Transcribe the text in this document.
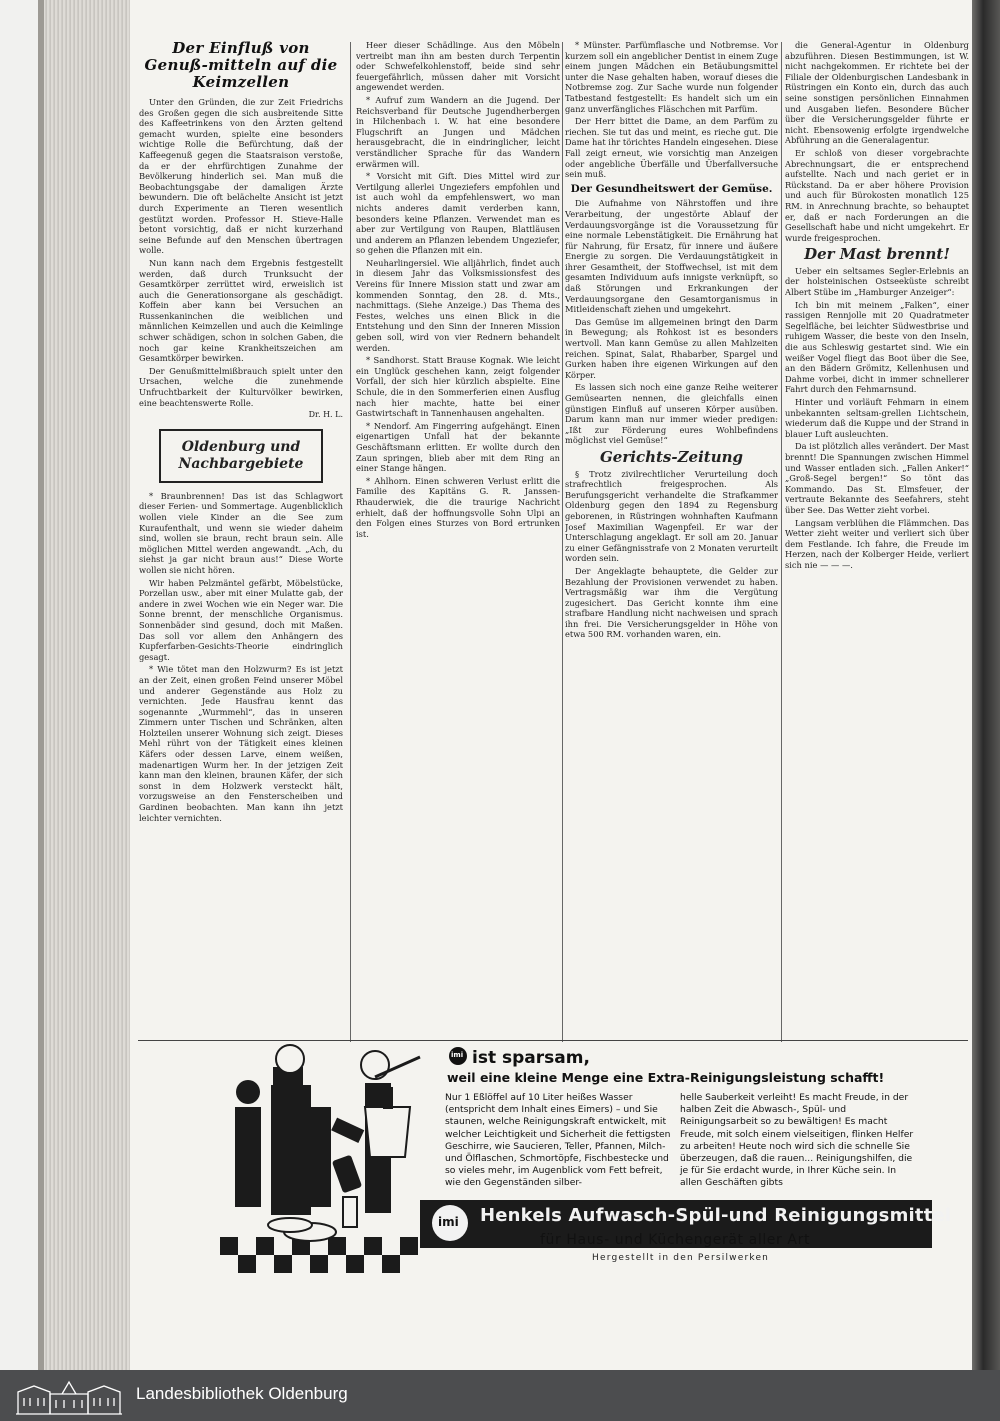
Der Einfluß von Genuß-mitteln auf die Keimzellen

Unter den Gründen, die zur Zeit Friedrichs des Großen gegen die sich ausbreitende Sitte des Kaffeetrinkens von den Ärzten geltend gemacht wurden, spielte eine besonders wichtige Rolle die Befürchtung, daß der Kaffeegenuß gegen die Staatsraison verstoße, da er der ehrfürchtigen Zunahme der Bevölkerung hinderlich sei. Man muß die Beobachtungsgabe der damaligen Ärzte bewundern. Die oft belächelte Ansicht ist jetzt durch Experimente an Tieren wesentlich gestützt worden. Professor H. Stieve-Halle betont vorsichtig, daß er nicht kurzerhand seine Befunde auf den Menschen übertragen wolle.

Nun kann nach dem Ergebnis festgestellt werden, daß durch Trunksucht der Gesamtkörper zerrüttet wird, erweislich ist auch die Generationsorgane als geschädigt. Koffein aber kann bei Versuchen an Russenkaninchen die weiblichen und männlichen Keimzellen und auch die Keimlinge schwer schädigen, schon in solchen Gaben, die noch gar keine Krankheitszeichen am Gesamtkörper bewirken.

Der Genußmittelmißbrauch spielt unter den Ursachen, welche die zunehmende Unfruchtbarkeit der Kulturvölker bewirken, eine beachtenswerte Rolle.

Dr. H. L.
Oldenburg und Nachbargebiete

* Braunbrennen! Das ist das Schlagwort dieser Ferien- und Sommertage. Augenblicklich wollen viele Kinder an die See zum Kuraufenthalt, und wenn sie wieder daheim sind, wollen sie braun, recht braun sein. Alle möglichen Mittel werden angewandt. „Ach, du siehst ja gar nicht braun aus!“ Diese Worte wollen sie nicht hören.

Wir haben Pelzmäntel gefärbt, Möbelstücke, Porzellan usw., aber mit einer Mulatte gab, der andere in zwei Wochen wie ein Neger war. Die Sonne brennt, der menschliche Organismus. Sonnenbäder sind gesund, doch mit Maßen. Das soll vor allem den Anhängern des Kupferfarben-Gesichts-Theorie eindringlich gesagt.

* Wie tötet man den Holzwurm? Es ist jetzt an der Zeit, einen großen Feind unserer Möbel und anderer Gegenstände aus Holz zu vernichten. Jede Hausfrau kennt das sogenannte „Wurmmehl“, das in unseren Zimmern unter Tischen und Schränken, alten Holzteilen unserer Wohnung sich zeigt. Dieses Mehl rührt von der Tätigkeit eines kleinen Käfers oder dessen Larve, einem weißen, madenartigen Wurm her. In der jetzigen Zeit kann man den kleinen, braunen Käfer, der sich sonst in dem Holzwerk versteckt hält, vorzugsweise an den Fensterscheiben und Gardinen beobachten. Man kann ihn jetzt leichter vernichten.

Heer dieser Schädlinge. Aus den Möbeln vertreibt man ihn am besten durch Terpentin oder Schwefelkohlenstoff, beide sind sehr feuergefährlich, müssen daher mit Vorsicht angewendet werden.

* Aufruf zum Wandern an die Jugend. Der Reichsverband für Deutsche Jugendherbergen in Hilchenbach i. W. hat eine besondere Flugschrift an Jungen und Mädchen herausgebracht, die in eindringlicher, leicht verständlicher Sprache für das Wandern erwärmen will.

* Vorsicht mit Gift. Dies Mittel wird zur Vertilgung allerlei Ungeziefers empfohlen und ist auch wohl da empfehlenswert, wo man nichts anderes damit verderben kann, besonders keine Pflanzen. Verwendet man es aber zur Vertilgung von Raupen, Blattläusen und anderem an Pflanzen lebendem Ungeziefer, so gehen die Pflanzen mit ein.

Neuharlingersiel. Wie alljährlich, findet auch in diesem Jahr das Volksmissionsfest des Vereins für Innere Mission statt und zwar am kommenden Sonntag, den 28. d. Mts., nachmittags. (Siehe Anzeige.) Das Thema des Festes, welches uns einen Blick in die Entstehung und den Sinn der Inneren Mission geben soll, wird von vier Rednern behandelt werden.

* Sandhorst. Statt Brause Kognak. Wie leicht ein Unglück geschehen kann, zeigt folgender Vorfall, der sich hier kürzlich abspielte. Eine Schule, die in den Sommerferien einen Ausflug nach hier machte, hatte bei einer Gastwirtschaft in Tannenhausen angehalten.

* Nendorf. Am Fingerring aufgehängt. Einen eigenartigen Unfall hat der bekannte Geschäftsmann erlitten. Er wollte durch den Zaun springen, blieb aber mit dem Ring an einer Stange hängen.

* Ahlhorn. Einen schweren Verlust erlitt die Familie des Kapitäns G. R. Janssen-Rhauderwiek, die die traurige Nachricht erhielt, daß der hoffnungsvolle Sohn Ulpi an den Folgen eines Sturzes von Bord ertrunken ist.

* Münster. Parfümflasche und Notbremse. Vor kurzem soll ein angeblicher Dentist in einem Zuge einem jungen Mädchen ein Betäubungsmittel unter die Nase gehalten haben, worauf dieses die Notbremse zog. Zur Sache wurde nun folgender Tatbestand festgestellt: Es handelt sich um ein ganz unverfängliches Fläschchen mit Parfüm.

Der Herr bittet die Dame, an dem Parfüm zu riechen. Sie tut das und meint, es rieche gut. Die Dame hat ihr törichtes Handeln eingesehen. Diese Fall zeigt erneut, wie vorsichtig man Anzeigen oder angebliche Überfälle und Überfallversuche sein muß.

Der Gesundheitswert der Gemüse.

Die Aufnahme von Nährstoffen und ihre Verarbeitung, der ungestörte Ablauf der Verdauungsvorgänge ist die Voraussetzung für eine normale Lebenstätigkeit. Die Ernährung hat für Nahrung, für Ersatz, für innere und äußere Energie zu sorgen. Die Verdauungstätigkeit in ihrer Gesamtheit, der Stoffwechsel, ist mit dem gesamten Individuum aufs innigste verknüpft, so daß Störungen und Erkrankungen der Verdauungsorgane den Gesamtorganismus in Mitleidenschaft ziehen und umgekehrt.

Das Gemüse im allgemeinen bringt den Darm in Bewegung; als Rohkost ist es besonders wertvoll. Man kann Gemüse zu allen Mahlzeiten reichen. Spinat, Salat, Rhabarber, Spargel und Gurken haben ihre eigenen Wirkungen auf den Körper.

Es lassen sich noch eine ganze Reihe weiterer Gemüsearten nennen, die gleichfalls einen günstigen Einfluß auf unseren Körper ausüben. Darum kann man nur immer wieder predigen: „Ißt zur Förderung eures Wohlbefindens möglichst viel Gemüse!“

Gerichts-Zeitung

§ Trotz zivilrechtlicher Verurteilung doch strafrechtlich freigesprochen. Als Berufungsgericht verhandelte die Strafkammer Oldenburg gegen den 1894 zu Regensburg geborenen, in Rüstringen wohnhaften Kaufmann Josef Maximilian Wagenpfeil. Er war der Unterschlagung angeklagt. Er soll am 20. Januar zu einer Gefängnisstrafe von 2 Monaten verurteilt worden sein.

Der Angeklagte behauptete, die Gelder zur Bezahlung der Provisionen verwendet zu haben. Vertragsmäßig war ihm die Vergütung zugesichert. Das Gericht konnte ihm eine strafbare Handlung nicht nachweisen und sprach ihn frei. Die Versicherungsgelder in Höhe von etwa 500 RM. vorhanden waren, ein.

die General-Agentur in Oldenburg abzuführen. Diesen Bestimmungen, ist W. nicht nachgekommen. Er richtete bei der Filiale der Oldenburgischen Landesbank in Rüstringen ein Konto ein, durch das auch seine sonstigen persönlichen Einnahmen und Ausgaben liefen. Besondere Bücher über die Versicherungsgelder führte er nicht. Ebensowenig erfolgte irgendwelche Abführung an die Generalagentur.

Er schloß von dieser vorgebrachte Abrechnungsart, die er entsprechend aufstellte. Nach und nach geriet er in Rückstand. Da er aber höhere Provision und auch für Bürokosten monatlich 125 RM. in Anrechnung brachte, so behauptet er, daß er nach Forderungen an die Gesellschaft habe und nicht umgekehrt. Er wurde freigesprochen.

Der Mast brennt!

Ueber ein seltsames Segler-Erlebnis an der holsteinischen Ostseeküste schreibt Albert Stübe im „Hamburger Anzeiger“:

Ich bin mit meinem „Falken“, einer rassigen Rennjolle mit 20 Quadratmeter Segelfläche, bei leichter Südwestbrise und ruhigem Wasser, die beste von den Inseln, die aus Schleswig gestartet sind. Wie ein weißer Vogel fliegt das Boot über die See, an den Bädern Grömitz, Kellenhusen und Dahme vorbei, dicht in immer schnellerer Fahrt durch den Fehmarnsund.

Hinter und vorläuft Fehmarn in einem unbekannten seltsam-grellen Lichtschein, wiederum daß die Kuppe und der Strand in blauer Luft ausleuchten.

Da ist plötzlich alles verändert. Der Mast brennt! Die Spannungen zwischen Himmel und Wasser entladen sich. „Fallen Anker!“ „Groß-Segel bergen!“ So tönt das Kommando. Das St. Elmsfeuer, der vertraute Bekannte des Seefahrers, steht über See. Das Wetter zieht vorbei.

Langsam verblühen die Flämmchen. Das Wetter zieht weiter und verliert sich über dem Festlande. Ich fahre, die Freude im Herzen, nach der Kolberger Heide, verliert sich nie — — —.

imi ist sparsam,
weil eine kleine Menge eine Extra-Reinigungsleistung schafft!
Nur 1 Eßlöffel auf 10 Liter heißes Wasser (entspricht dem Inhalt eines Eimers) – und Sie staunen, welche Reinigungskraft entwickelt, mit welcher Leichtigkeit und Sicherheit die fettigsten Geschirre, wie Saucieren, Teller, Pfannen, Milch- und Ölflaschen, Schmortöpfe, Fischbestecke und so vieles mehr, im Augenblick vom Fett befreit, wie den Gegenständen silber-
helle Sauberkeit verleiht! Es macht Freude, in der halben Zeit die Abwasch-, Spül- und Reinigungsarbeit so zu bewältigen! Es macht Freude, mit solch einem vielseitigen, flinken Helfer zu arbeiten! Heute noch wird sich die schnelle Sie überzeugen, daß die rauen... Reinigungshilfen, die je für Sie erdacht wurde, in Ihrer Küche sein. In allen Geschäften gibts
imi Henkels Aufwasch-Spül-und Reinigungsmittel
für Haus- und Küchengerät aller Art
Hergestellt in den Persilwerken
Landesbibliothek Oldenburg
